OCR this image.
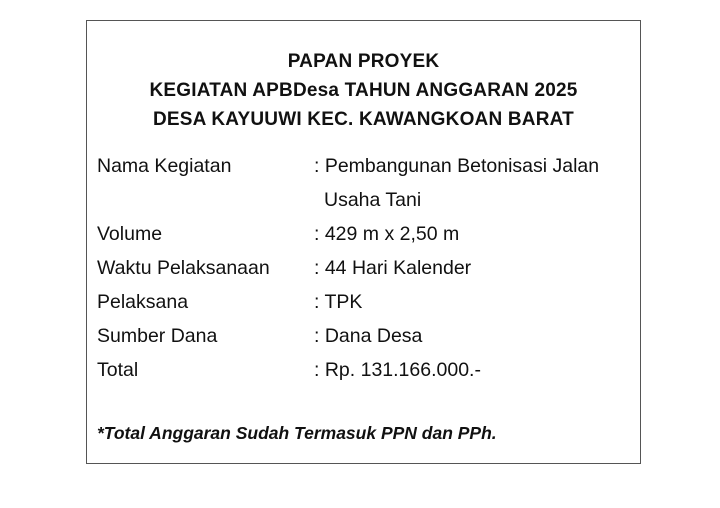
PAPAN PROYEK
KEGIATAN APBDesa TAHUN ANGGARAN 2025
DESA KAYUUWI KEC. KAWANGKOAN BARAT
Nama Kegiatan	: Pembangunan Betonisasi Jalan
Usaha Tani
Volume	: 429 m x 2,50 m
Waktu Pelaksanaan	: 44 Hari Kalender
Pelaksana	: TPK
Sumber Dana	: Dana Desa
Total	: Rp. 131.166.000.-
*Total Anggaran Sudah Termasuk PPN dan PPh.
